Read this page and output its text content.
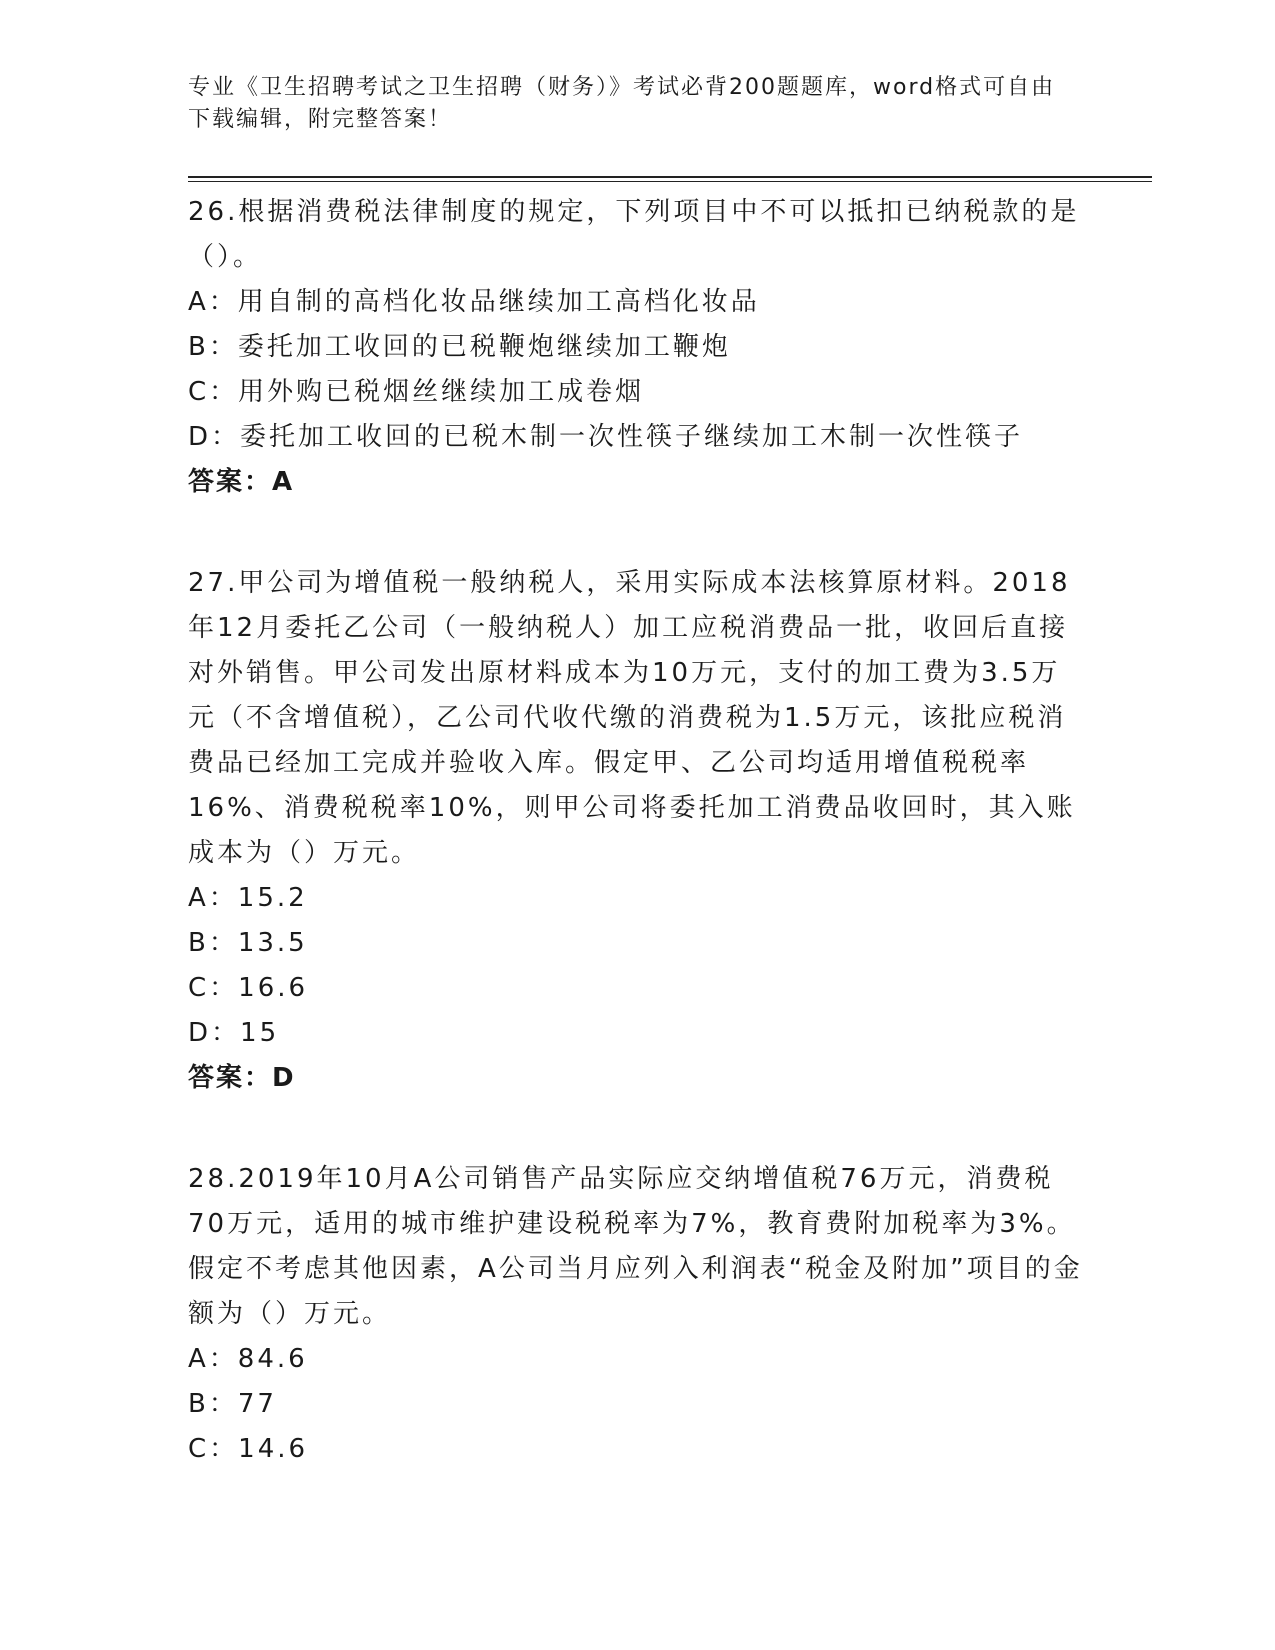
专业《卫生招聘考试之卫生招聘（财务）》考试必背200题题库，word格式可自由下载编辑，附完整答案！

26.根据消费税法律制度的规定，下列项目中不可以抵扣已纳税款的是（）。

A：用自制的高档化妆品继续加工高档化妆品

B：委托加工收回的已税鞭炮继续加工鞭炮

C：用外购已税烟丝继续加工成卷烟

D：委托加工收回的已税木制一次性筷子继续加工木制一次性筷子

答案：A

27.甲公司为增值税一般纳税人，采用实际成本法核算原材料。2018年12月委托乙公司（一般纳税人）加工应税消费品一批，收回后直接对外销售。甲公司发出原材料成本为10万元，支付的加工费为3.5万元（不含增值税），乙公司代收代缴的消费税为1.5万元，该批应税消费品已经加工完成并验收入库。假定甲、乙公司均适用增值税税率16%、消费税税率10%，则甲公司将委托加工消费品收回时，其入账成本为（）万元。

A：15.2

B：13.5

C：16.6

D：15

答案：D

28.2019年10月A公司销售产品实际应交纳增值税76万元，消费税70万元，适用的城市维护建设税税率为7%，教育费附加税率为3%。假定不考虑其他因素，A公司当月应列入利润表“税金及附加”项目的金额为（）万元。

A：84.6

B：77

C：14.6
